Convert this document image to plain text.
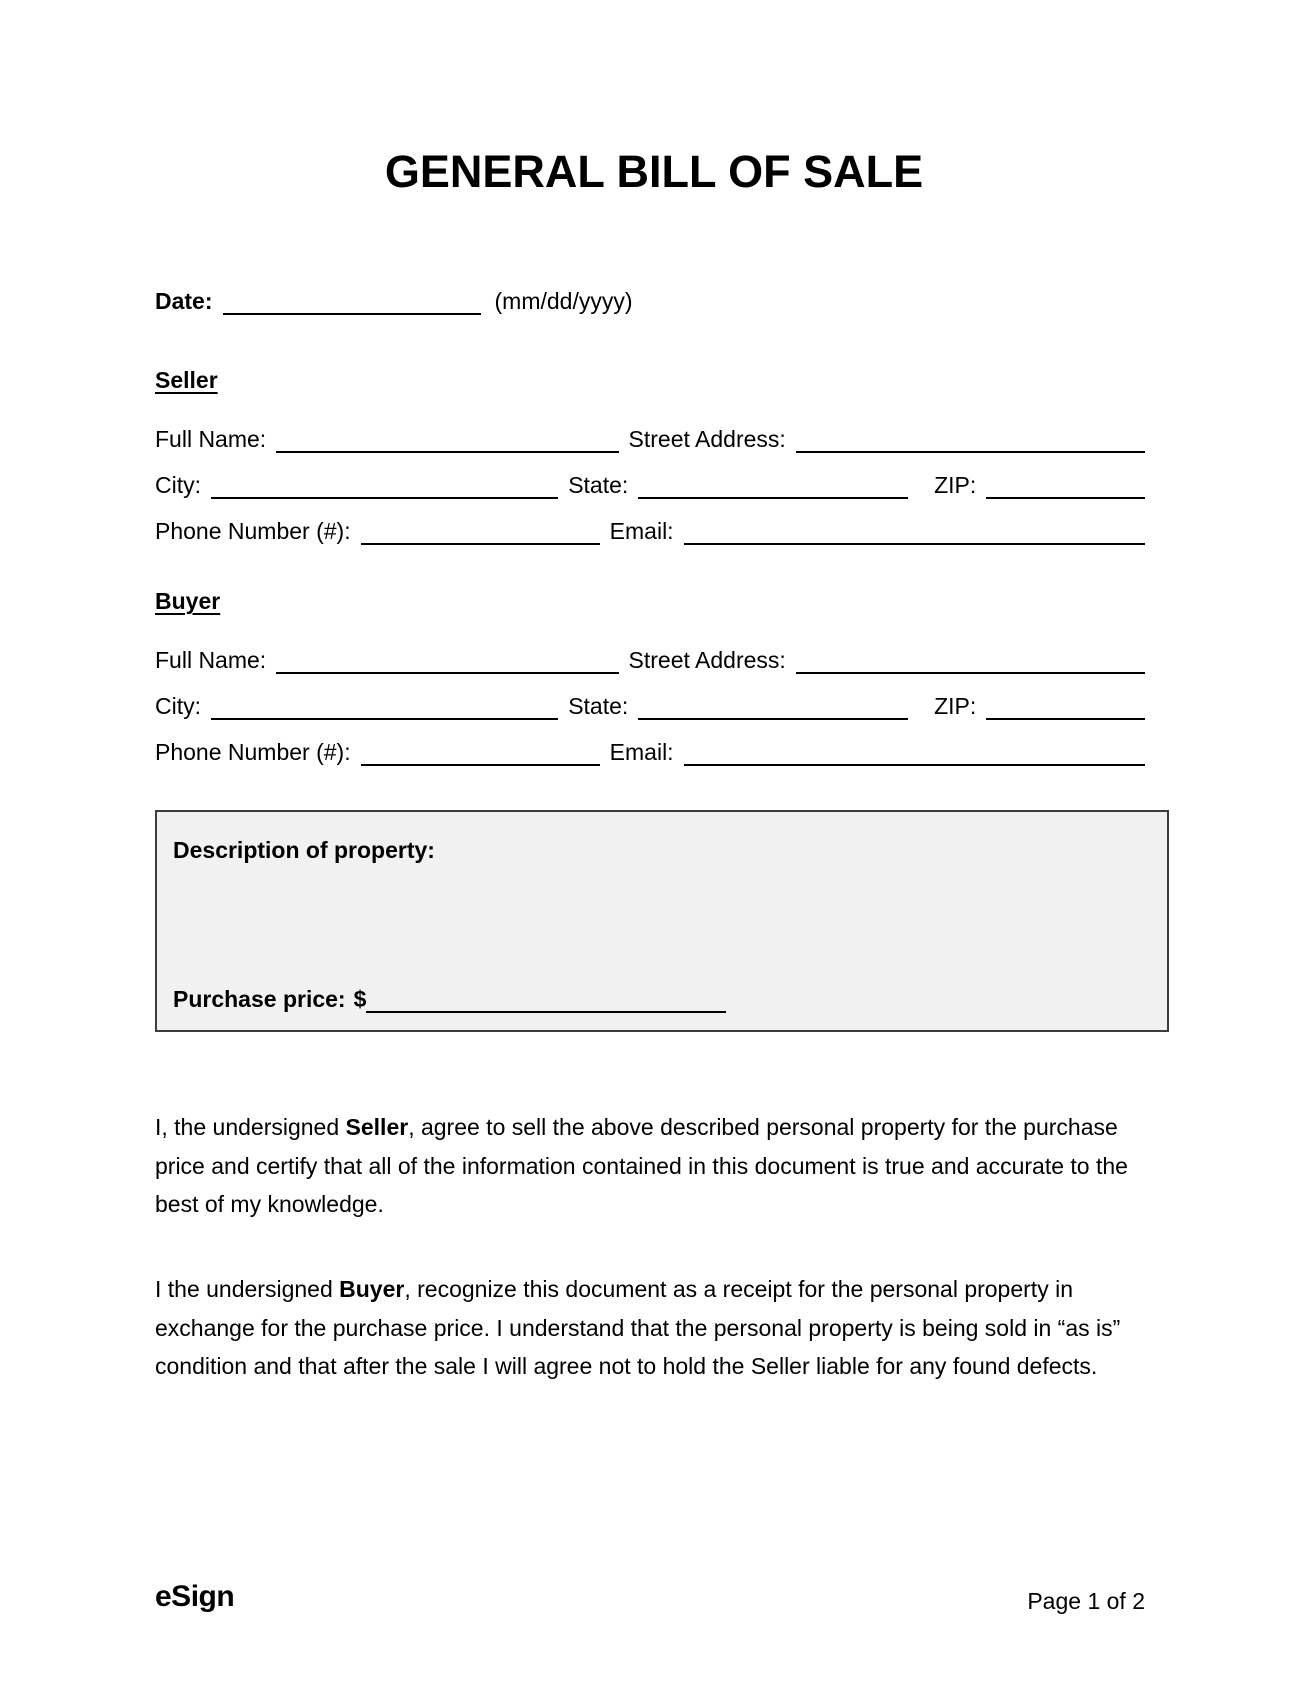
GENERAL BILL OF SALE
Date:	(mm/dd/yyyy)
Seller
Full Name:	Street Address:
City:	State:	ZIP:
Phone Number (#):	Email:
Buyer
Full Name:	Street Address:
City:	State:	ZIP:
Phone Number (#):	Email:
Description of property:
Purchase price: $
I, the undersigned Seller, agree to sell the above described personal property for the purchase
price and certify that all of the information contained in this document is true and accurate to the
best of my knowledge.
I the undersigned Buyer, recognize this document as a receipt for the personal property in
exchange for the purchase price. I understand that the personal property is being sold in “as is”
condition and that after the sale I will agree not to hold the Seller liable for any found defects.
eSign	Page 1 of 2
